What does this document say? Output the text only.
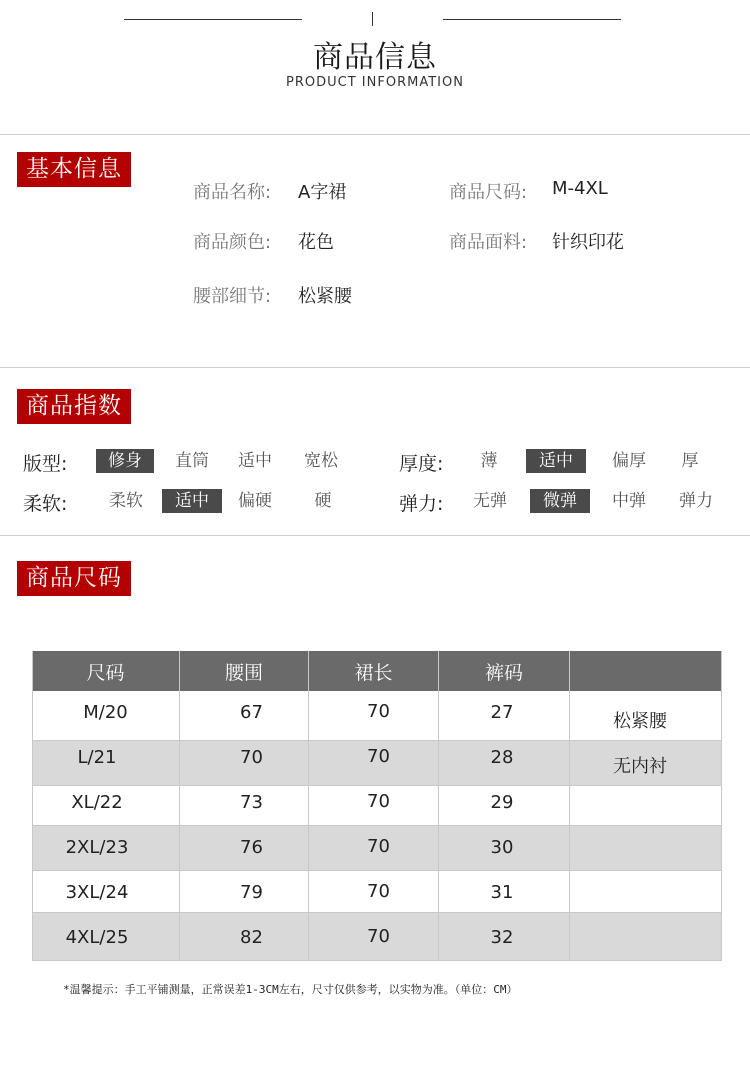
商品信息
PRODUCT INFORMATION
基本信息
商品名称: A字裙	商品尺码: M-4XL
商品颜色: 花色	商品面料: 针织印花
腰部细节: 松紧腰
商品指数
版型:	修身	直筒	适中	宽松	厚度:	薄	适中	偏厚	厚
柔软:	柔软	适中	偏硬	硬	弹力:	无弹	微弹	中弹	弹力
商品尺码
尺码	腰围	裙长	裤码
M/20	67	70	27	松紧腰
L/21	70	70	28	无内衬
XL/22	73	70	29
2XL/23	76	70	30
3XL/24	79	70	31
4XL/25	82	70	32
*温馨提示：手工平铺测量，正常误差1-3CM左右，尺寸仅供参考，以实物为准。（单位：CM）
